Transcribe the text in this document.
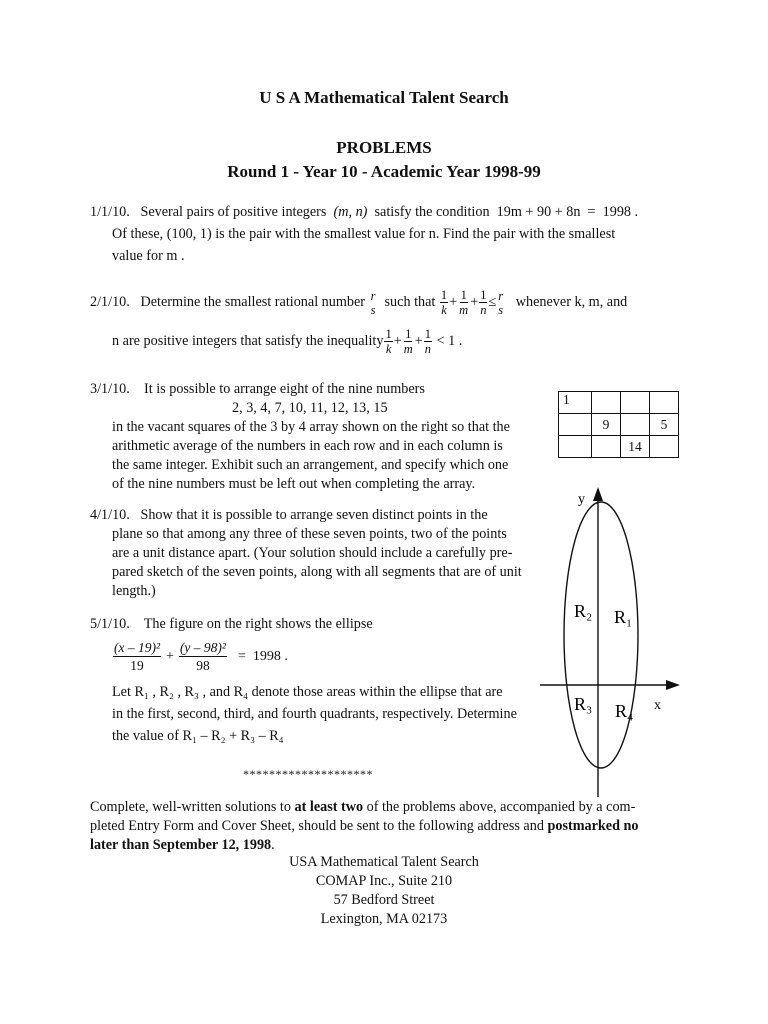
U S A Mathematical Talent Search
PROBLEMS
Round 1 - Year 10 - Academic Year 1998-99
1/1/10. Several pairs of positive integers (m, n) satisfy the condition 19m + 90 + 8n  =  1998 .
Of these, (100, 1) is the pair with the smallest value for n. Find the pair with the smallest
value for m .
2/1/10. Determine the smallest rational number r
s such that $\frac{1}{k} + \frac{1}{m} + \frac{1}{n} \le r$
s whenever k, m, and
n are positive integers that satisfy the inequality $\frac{1}{k} + \frac{1}{m} + \frac{1}{n} < 1$ .
3/1/10. It is possible to arrange eight of the nine numbers
2, 3, 4, 7, 10, 11, 12, 13, 15
in the vacant squares of the 3 by 4 array shown on the right so that the
arithmetic average of the numbers in each row and in each column is
the same integer. Exhibit such an arrangement, and specify which one
of the nine numbers must be left out when completing the array.
1			
	9		5
		14	
4/1/10. Show that it is possible to arrange seven distinct points in the
plane so that among any three of these seven points, two of the points
are a unit distance apart. (Your solution should include a carefully pre-
pared sketch of the seven points, along with all segments that are of unit
length.)
5/1/10. The figure on the right shows the ellipse
$\frac{\text{(x – 19)²}}{19} + \frac{\text{(y – 98)²}}{98} = 1998$ .
Let R₁ , R₂ , R₃ , and R₄ denote those areas within the ellipse that are
in the first, second, third, and fourth quadrants, respectively. Determine
the value of R₁ – R₂ + R₃ – R₄
y
x
R₂ R₁
R₃ R₄
********************
Complete, well-written solutions to at least two of the problems above, accompanied by a com-
pleted Entry Form and Cover Sheet, should be sent to the following address and postmarked no
later than September 12, 1998.
USA Mathematical Talent Search
COMAP Inc., Suite 210
57 Bedford Street
Lexington, MA 02173
